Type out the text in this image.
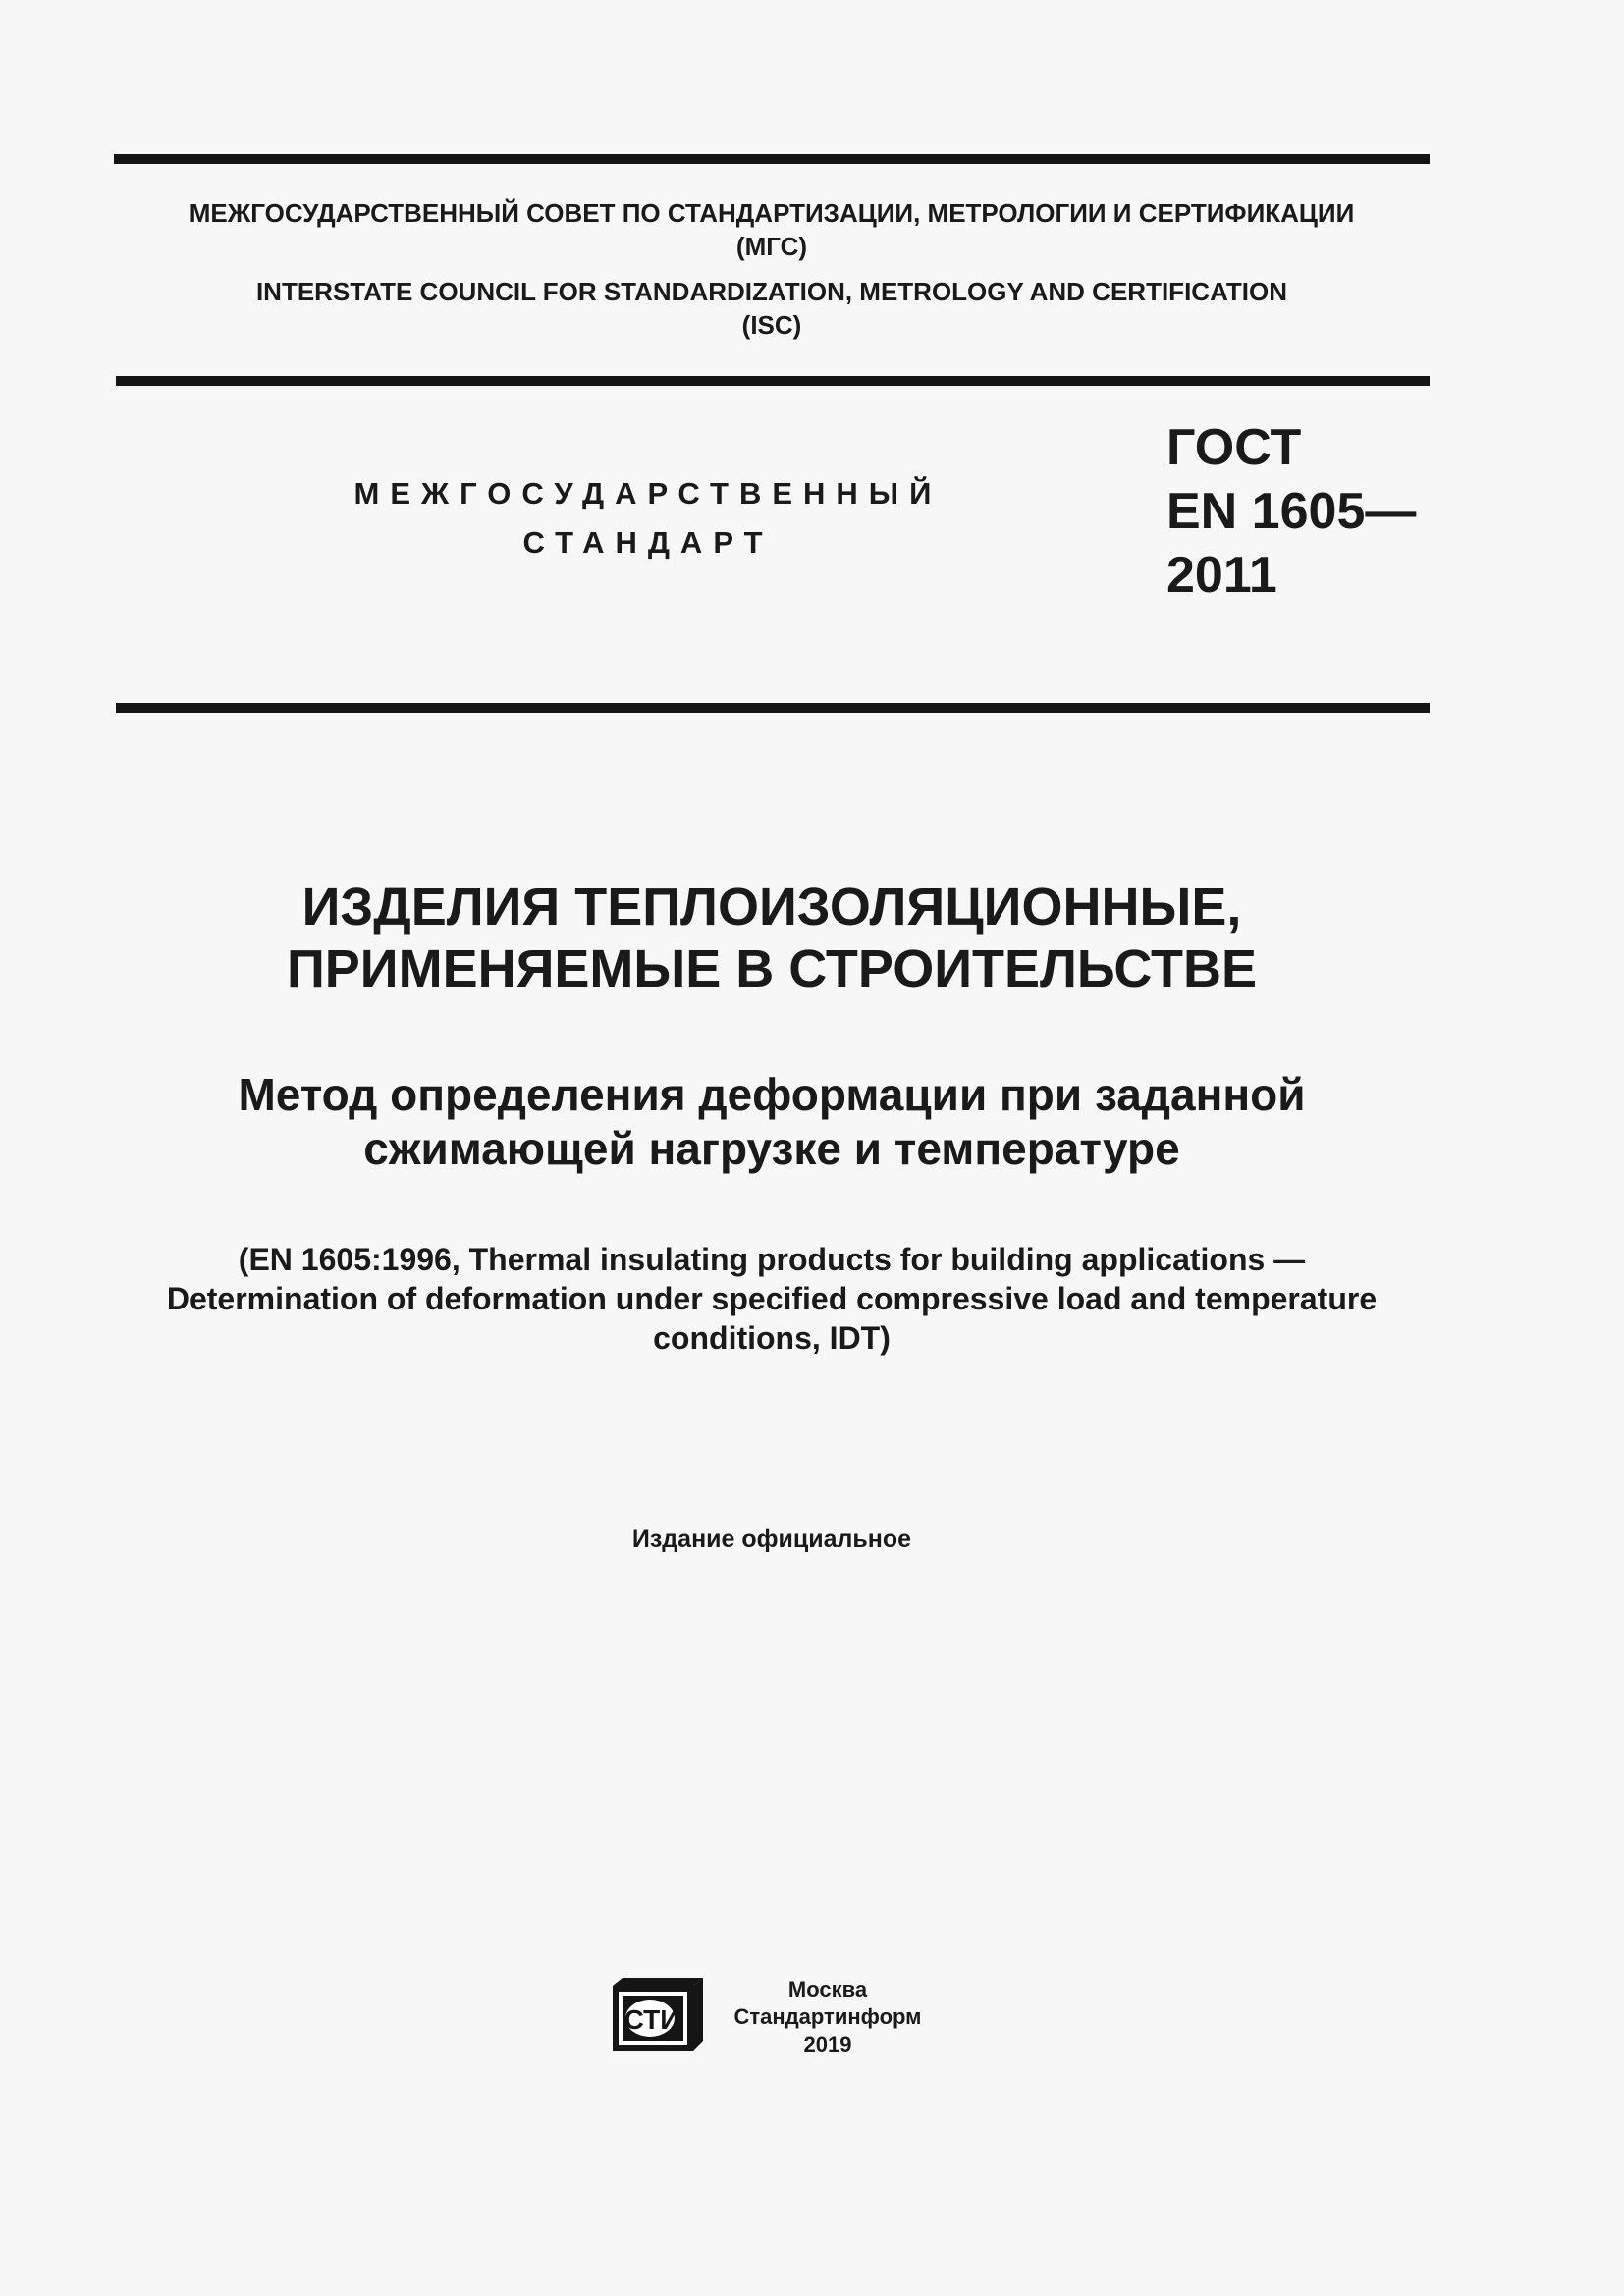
МЕЖГОСУДАРСТВЕННЫЙ СОВЕТ ПО СТАНДАРТИЗАЦИИ, МЕТРОЛОГИИ И СЕРТИФИКАЦИИ
(МГС)
INTERSTATE COUNCIL FOR STANDARDIZATION, METROLOGY AND CERTIFICATION
(ISC)
МЕЖГОСУДАРСТВЕННЫЙ
СТАНДАРТ
ГОСТ
EN 1605—
2011
ИЗДЕЛИЯ ТЕПЛОИЗОЛЯЦИОННЫЕ,
ПРИМЕНЯЕМЫЕ В СТРОИТЕЛЬСТВЕ
Метод определения деформации при заданной
сжимающей нагрузке и температуре
(EN 1605:1996, Thermal insulating products for building applications —
Determination of deformation under specified compressive load and temperature
conditions, IDT)
Издание официальное
СТИ
Москва
Стандартинформ
2019
